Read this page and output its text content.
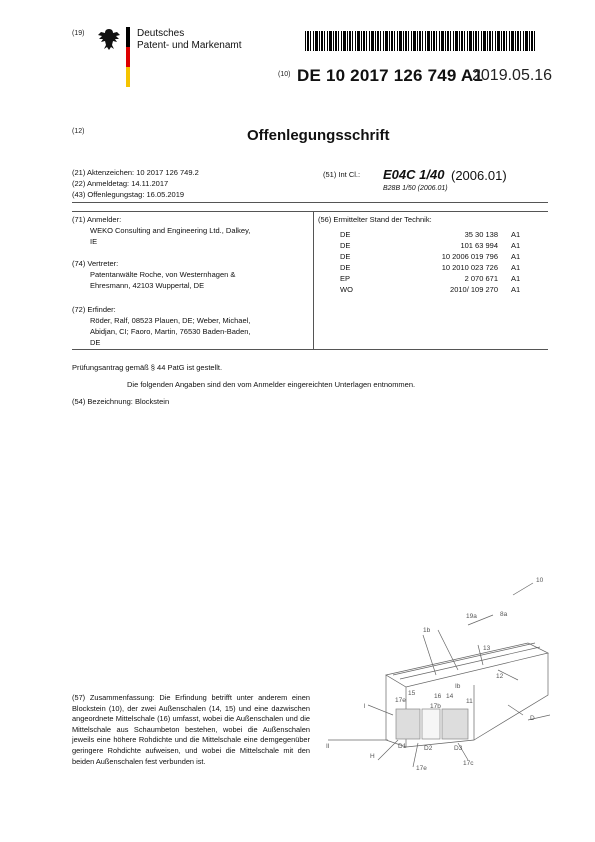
(19)	Deutsches
Patent- und Markenamt
(10) DE 10 2017 126 749 A1
2019.05.16
(12)	Offenlegungsschrift
(21) Aktenzeichen: 10 2017 126 749.2
(22) Anmeldetag: 14.11.2017
(43) Offenlegungstag: 16.05.2019
(51) Int Cl.: E04C 1/40 (2006.01)
B28B 1/50 (2006.01)
(71) Anmelder:
WEKO Consulting and Engineering Ltd., Dalkey,
IE
(74) Vertreter:
Patentanwälte Roche, von Westernhagen &
Ehresmann, 42103 Wuppertal, DE
(72) Erfinder:
Röder, Ralf, 08523 Plauen, DE; Weber, Michael,
Abidjan, CI; Faoro, Martin, 76530 Baden-Baden,
DE
(56) Ermittelter Stand der Technik:
DE	35 30 138 A1
DE	101 63 994 A1
DE	10 2006 019 796 A1
DE	10 2010 023 726 A1
EP	2 070 671 A1
WO	2010/ 109 270 A1
Prüfungsantrag gemäß § 44 PatG ist gestellt.
Die folgenden Angaben sind den vom Anmelder eingereichten Unterlagen entnommen.
(54) Bezeichnung: Blockstein
(57) Zusammenfassung: Die Erfindung betrifft unter anderem einen Blockstein (10), der zwei Außenschalen (14, 15) und eine dazwischen angeordnete Mittelschale (16) umfasst, wobei die Außenschalen und die Mittelschale aus Schaumbeton bestehen, wobei die Außenschalen jeweils eine höhere Rohdichte und die Mittelschale eine demgegenüber geringere Rohdichte aufweisen, und wobei die Mittelschale mit den beiden Außenschalen fest verbunden ist.
10
8a
19a
1b
13
12
Ib
11
15	16 14
17e
17b
l
D
D1	D2	D3
17c
17e
II
H
